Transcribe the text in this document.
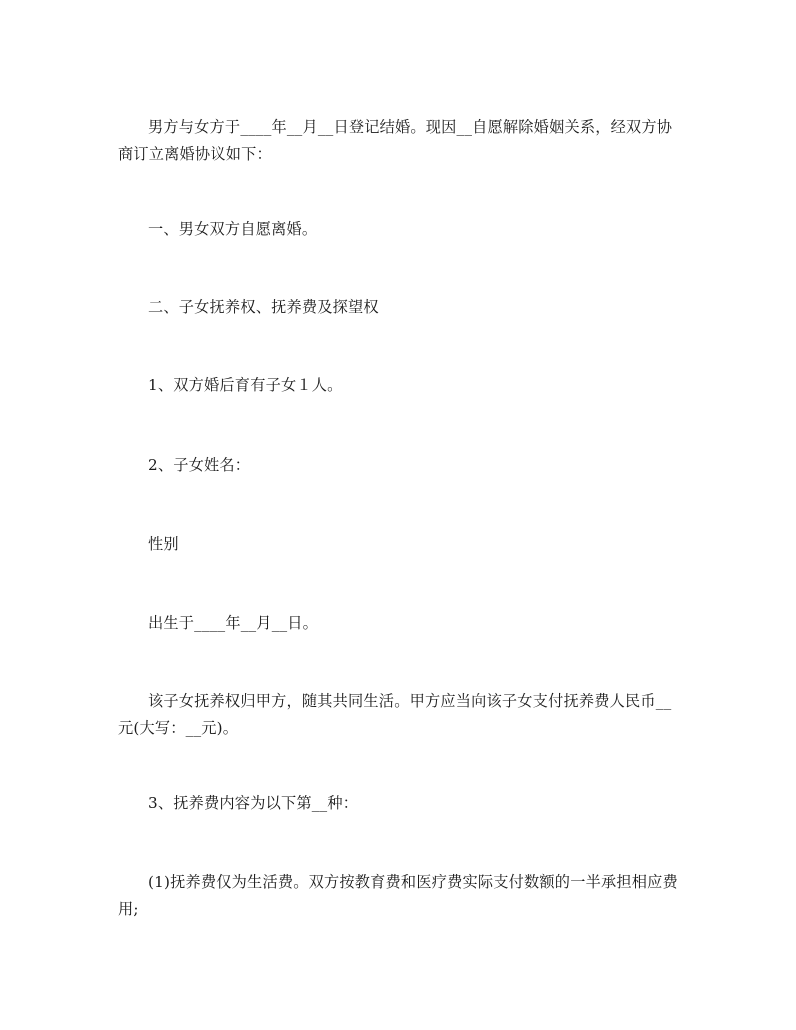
男方与女方于____年__月__日登记结婚。现因__自愿解除婚姻关系，经双方协商订立离婚协议如下：

一、男女双方自愿离婚。

二、子女抚养权、抚养费及探望权

1、双方婚后育有子女１人。

2、子女姓名：

性别

出生于____年__月__日。

该子女抚养权归甲方，随其共同生活。甲方应当向该子女支付抚养费人民币__元(大写：__元)。

3、抚养费内容为以下第__种：

(1)抚养费仅为生活费。双方按教育费和医疗费实际支付数额的一半承担相应费用;
